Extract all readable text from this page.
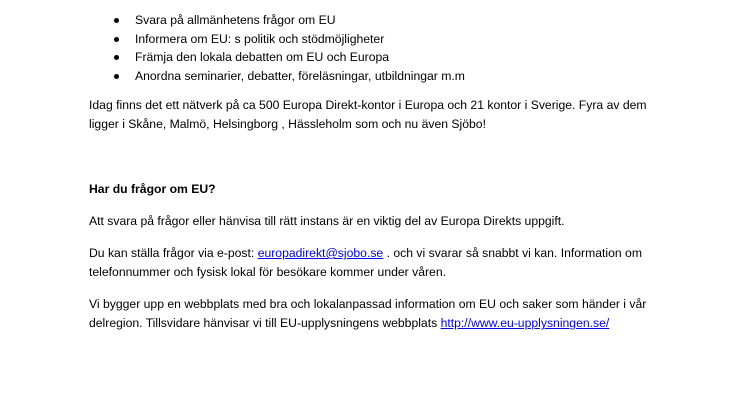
Svara på allmänhetens frågor om EU
Informera om EU: s politik och stödmöjligheter
Främja den lokala debatten om EU och Europa
Anordna seminarier, debatter, föreläsningar, utbildningar m.m

Idag finns det ett nätverk på ca 500 Europa Direkt-kontor i Europa och 21 kontor i Sverige. Fyra av dem ligger i Skåne, Malmö, Helsingborg , Hässleholm som och nu även Sjöbo!

Har du frågor om EU?

Att svara på frågor eller hänvisa till rätt instans är en viktig del av Europa Direkts uppgift.

Du kan ställa frågor via e-post: europadirekt@sjobo.se . och vi svarar så snabbt vi kan. Information om telefonnummer och fysisk lokal för besökare kommer under våren.

Vi bygger upp en webbplats med bra och lokalanpassad information om EU och saker som händer i vår delregion. Tillsvidare hänvisar vi till EU-upplysningens webbplats http://www.eu-upplysningen.se/
